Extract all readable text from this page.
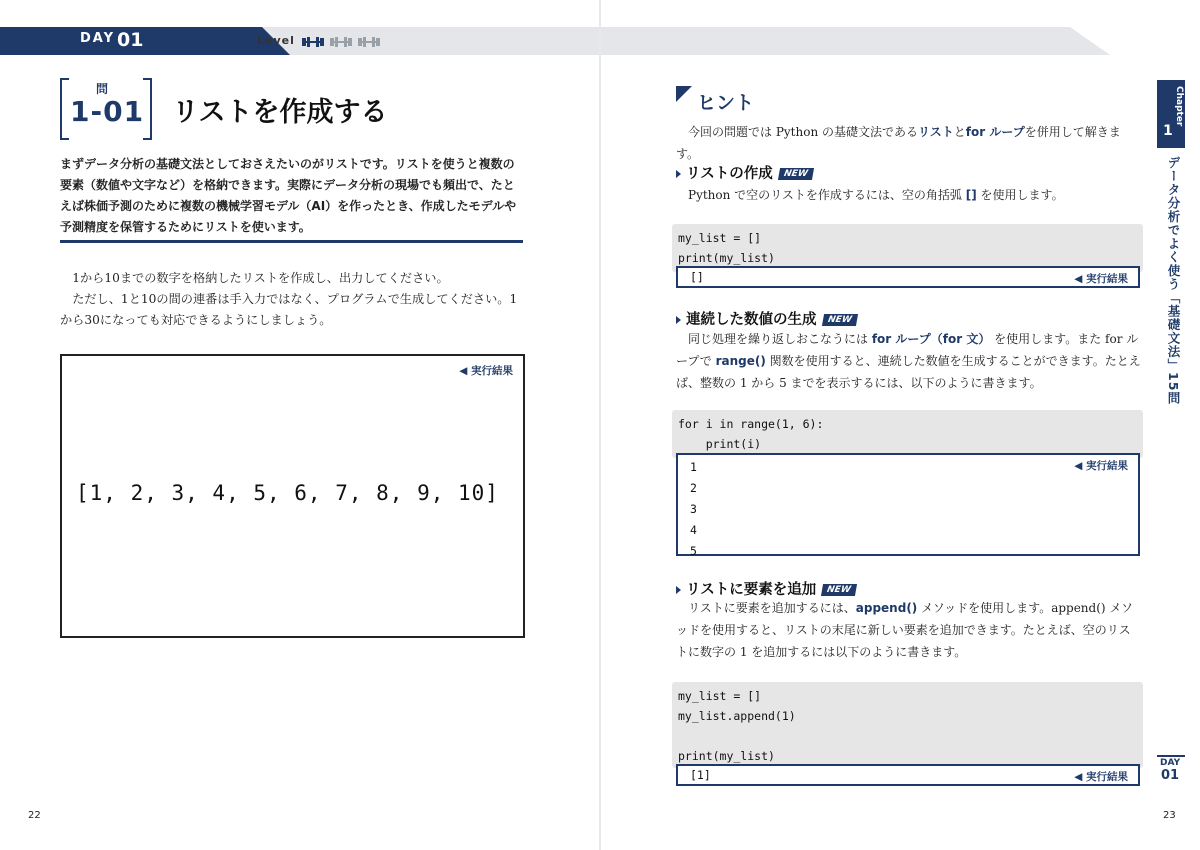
DAY 01	Level
問
1-01 リストを作成する
まずデータ分析の基礎文法としておさえたいのがリストです。リストを使うと複数の要素（数値や文字など）を格納できます。実際にデータ分析の現場でも頻出で、たとえば株価予測のために複数の機械学習モデル（AI）を作ったとき、作成したモデルや予測精度を保管するためにリストを使います。

1から10までの数字を格納したリストを作成し、出力してください。

ただし、1と10の間の連番は手入力ではなく、プログラムで生成してください。1から30になっても対応できるようにしましょう。

◀ 実行結果
[1, 2, 3, 4, 5, 6, 7, 8, 9, 10]
22
ヒント
今回の問題では Python の基礎文法であるリストとfor ループを併用して解きます。
リストの作成 NEW
Python で空のリストを作成するには、空の角括弧 [] を使用します。
my_list = []
print(my_list)
[]	◀ 実行結果
連続した数値の生成 NEW
同じ処理を繰り返しおこなうには for ループ（for 文） を使用します。また for ループで range() 関数を使用すると、連続した数値を生成することができます。たとえば、整数の 1 から 5 までを表示するには、以下のように書きます。
for i in range(1, 6):
print(i)
1
2
3
4
5
◀ 実行結果
リストに要素を追加 NEW
リストに要素を追加するには、append() メソッドを使用します。append() メソッドを使用すると、リストの末尾に新しい要素を追加できます。たとえば、空のリストに数字の 1 を追加するには以下のように書きます。
my_list = []
my_list.append(1)
print(my_list)
[1]	◀ 実行結果
Chapter
1
データ分析でよく使う「基礎文法」15問
DAY
01
23
